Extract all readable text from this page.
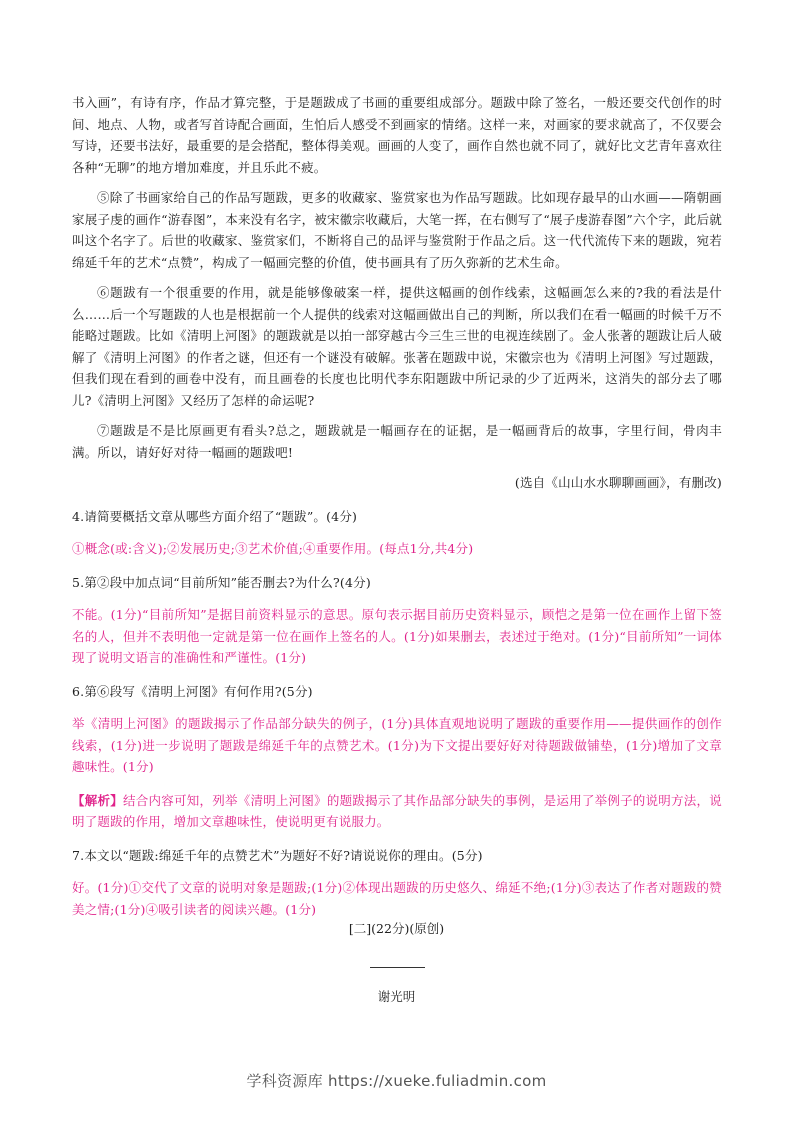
书入画”，有诗有序，作品才算完整，于是题跋成了书画的重要组成部分。题跋中除了签名，一般还要交代创作的时间、地点、人物，或者写首诗配合画面，生怕后人感受不到画家的情绪。这样一来，对画家的要求就高了，不仅要会写诗，还要书法好，最重要的是会搭配，整体得美观。画画的人变了，画作自然也就不同了，就好比文艺青年喜欢往各种“无聊”的地方增加难度，并且乐此不疲。

⑤除了书画家给自己的作品写题跋，更多的收藏家、鉴赏家也为作品写题跋。比如现存最早的山水画——隋朝画家展子虔的画作“游春图”，本来没有名字，被宋徽宗收藏后，大笔一挥，在右侧写了“展子虔游春图”六个字，此后就叫这个名字了。后世的收藏家、鉴赏家们，不断将自己的品评与鉴赏附于作品之后。这一代代流传下来的题跋，宛若绵延千年的艺术“点赞”，构成了一幅画完整的价值，使书画具有了历久弥新的艺术生命。

⑥题跋有一个很重要的作用，就是能够像破案一样，提供这幅画的创作线索，这幅画怎么来的?我的看法是什么……后一个写题跋的人也是根据前一个人提供的线索对这幅画做出自己的判断，所以我们在看一幅画的时候千万不能略过题跋。比如《清明上河图》的题跋就是以拍一部穿越古今三生三世的电视连续剧了。金人张著的题跋让后人破解了《清明上河图》的作者之谜，但还有一个谜没有破解。张著在题跋中说，宋徽宗也为《清明上河图》写过题跋，但我们现在看到的画卷中没有，而且画卷的长度也比明代李东阳题跋中所记录的少了近两米，这消失的部分去了哪儿?《清明上河图》又经历了怎样的命运呢?

⑦题跋是不是比原画更有看头?总之，题跋就是一幅画存在的证据，是一幅画背后的故事，字里行间，骨肉丰满。所以，请好好对待一幅画的题跋吧!

(选自《山山水水聊聊画画》，有删改)

4.请简要概括文章从哪些方面介绍了“题跋”。(4分)

①概念(或:含义);②发展历史;③艺术价值;④重要作用。(每点1分,共4分)

5.第②段中加点词“目前所知”能否删去?为什么?(4分)

不能。(1分)“目前所知”是据目前资料显示的意思。原句表示据目前历史资料显示，顾恺之是第一位在画作上留下签名的人，但并不表明他一定就是第一位在画作上签名的人。(1分)如果删去，表述过于绝对。(1分)“目前所知”一词体现了说明文语言的准确性和严谨性。(1分)

6.第⑥段写《清明上河图》有何作用?(5分)

举《清明上河图》的题跋揭示了作品部分缺失的例子，(1分)具体直观地说明了题跋的重要作用——提供画作的创作线索，(1分)进一步说明了题跋是绵延千年的点赞艺术。(1分)为下文提出要好好对待题跋做铺垫，(1分)增加了文章趣味性。(1分)

【解析】结合内容可知，列举《清明上河图》的题跋揭示了其作品部分缺失的事例，是运用了举例子的说明方法，说明了题跋的作用，增加文章趣味性，使说明更有说服力。

7.本文以“题跋:绵延千年的点赞艺术”为题好不好?请说说你的理由。(5分)

好。(1分)①交代了文章的说明对象是题跋;(1分)②体现出题跋的历史悠久、绵延不绝;(1分)③表达了作者对题跋的赞美之情;(1分)④吸引读者的阅读兴趣。(1分)

[二](22分)(原创)
谢光明
学科资源库 https://xueke.fuliadmin.com
